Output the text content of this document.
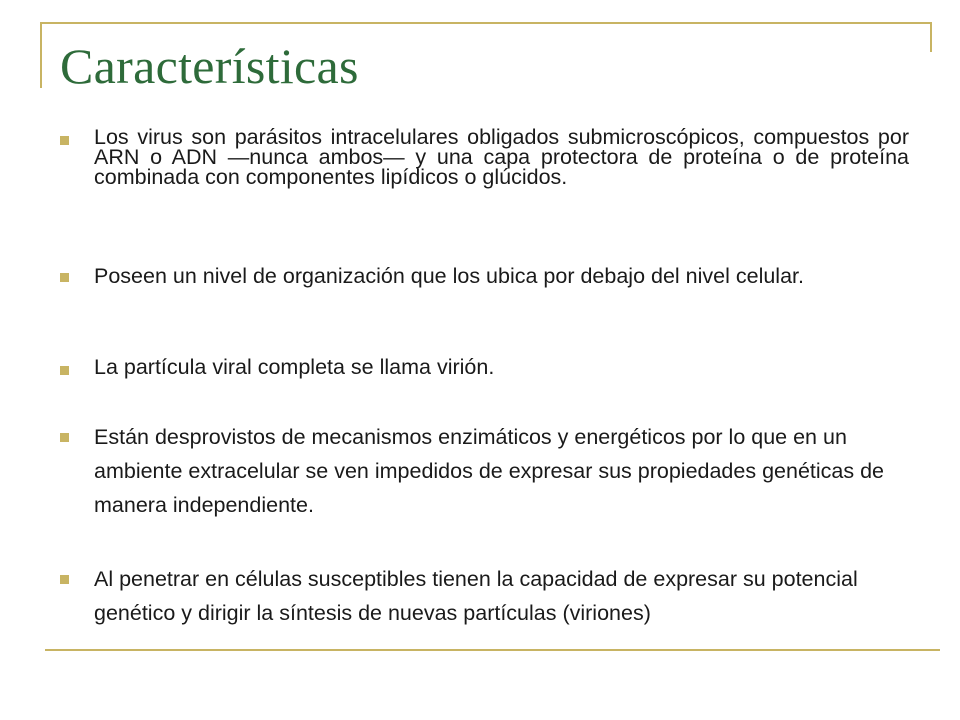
Características

Los virus son parásitos intracelulares obligados submicroscópicos, compuestos por ARN o ADN —nunca ambos— y una capa protectora de proteína o de proteína combinada con componentes lipídicos o glúcidos.

Poseen un nivel de organización que los ubica por debajo del nivel celular.

La partícula viral completa se llama virión.

Están desprovistos de mecanismos enzimáticos y energéticos por lo que en un ambiente extracelular se ven impedidos de expresar sus propiedades genéticas de manera independiente.

Al penetrar en células susceptibles tienen la capacidad de expresar su potencial genético y dirigir la síntesis de nuevas partículas (viriones)
